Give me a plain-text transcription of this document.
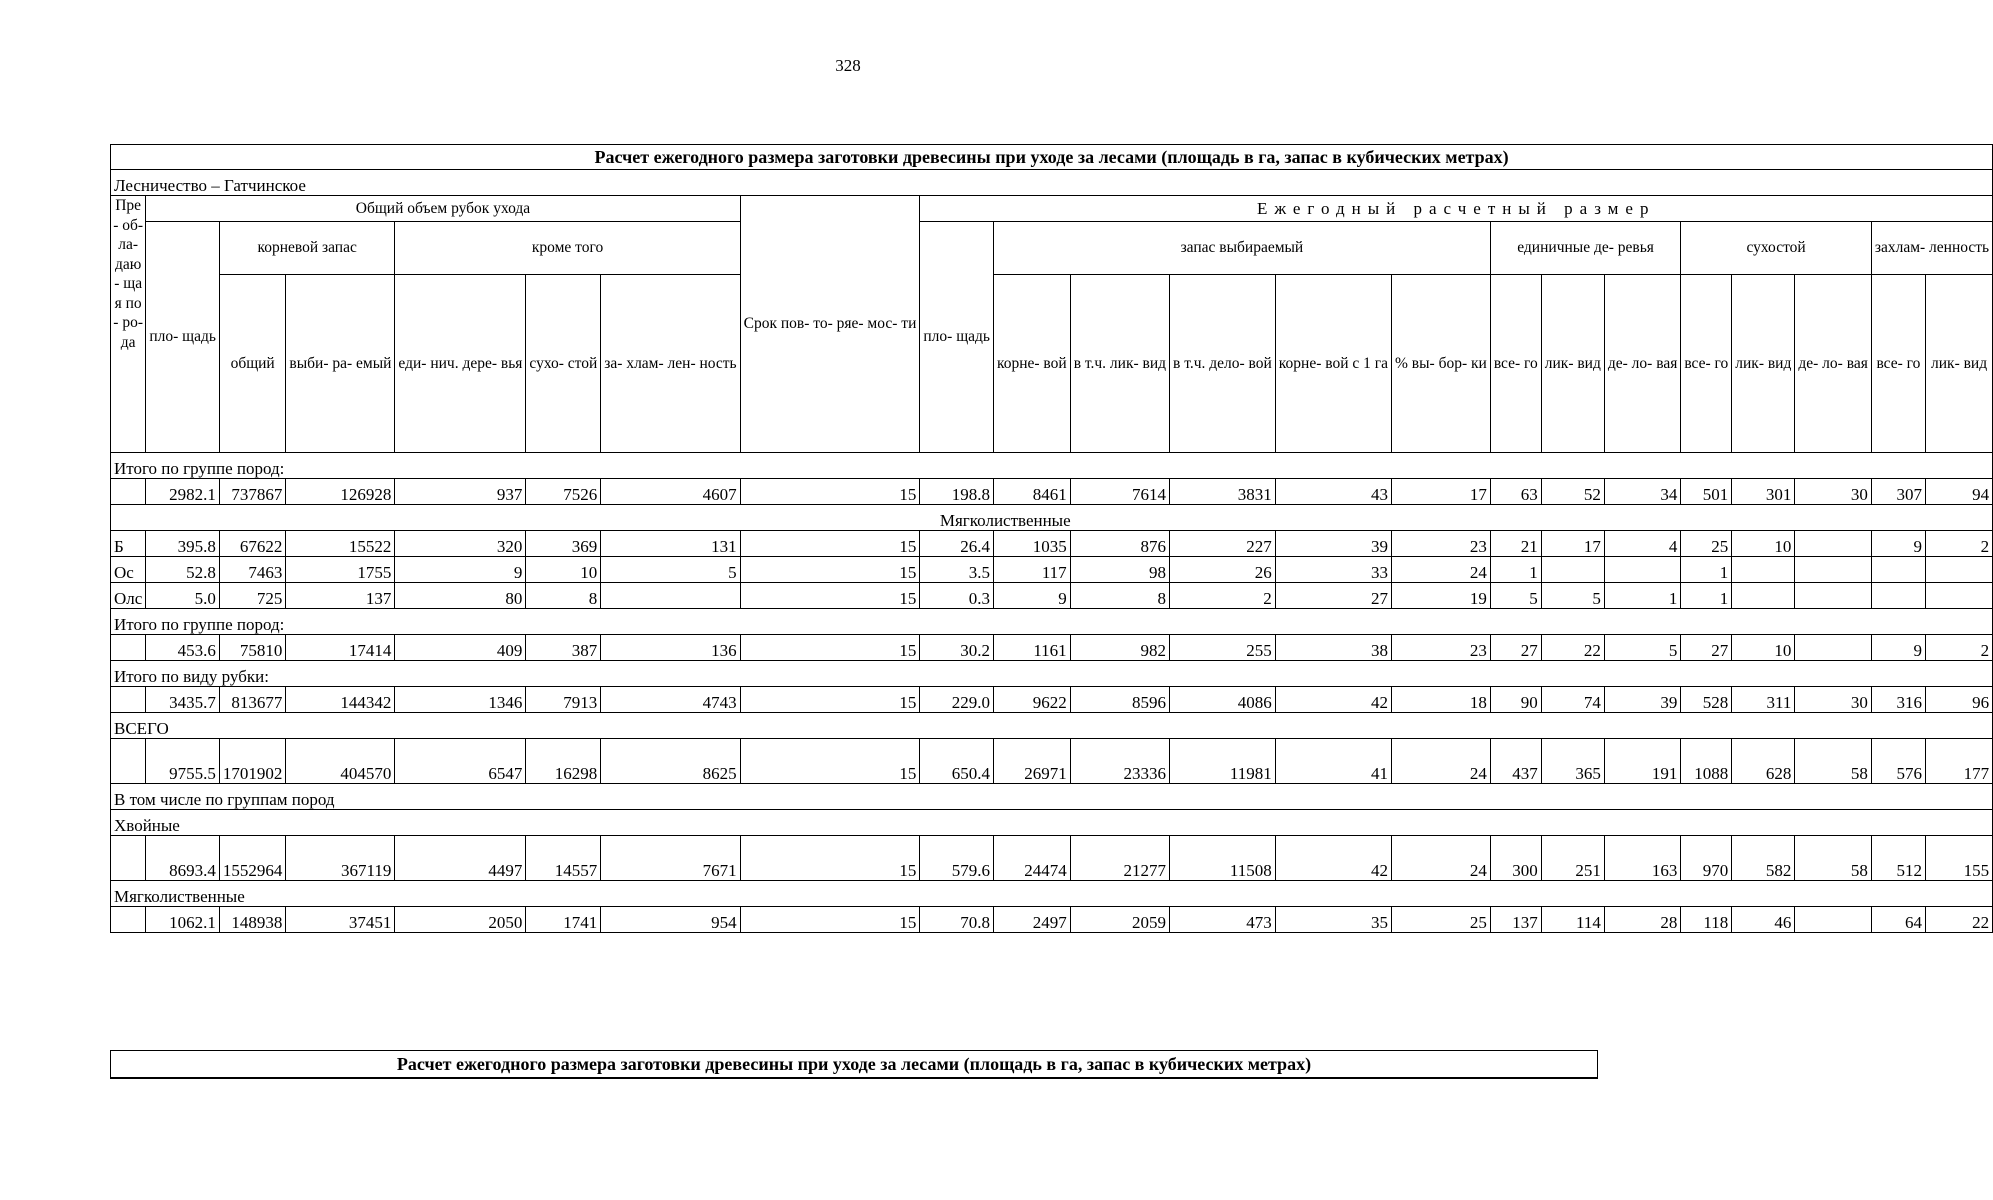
328
Расчет ежегодного размера заготовки древесины при уходе за лесами (площадь в га, запас в кубических метрах)																					
Лесничество – Гатчинское																					
Пре - об- ла- даю - щая по- ро- да	Общий объем рубок ухода						Срок пов- то- ряе- мос- ти	Ежегодный расчетный размер													
	пло- щадь	корневой запас		кроме того				пло- щадь	запас выбираемый					единичные де- ревья			сухостой			захлам- ленность	
		общий	выби- ра- емый	еди- нич. дере- вья	сухо- стой	за- хлам- лен- ность			корне- вой	в т.ч. лик- вид	в т.ч. дело- вой	корне- вой с 1 га	% вы- бор- ки	все- го	лик- вид	де- ло- вая	все- го	лик- вид	де- ло- вая	все- го	лик- вид

Итого по группе пород:																					
	2982.1	737867	126928	937	7526	4607	15	198.8	8461	7614	3831	43	17	63	52	34	501	301	30	307	94
								Мягколиственные													
Б	395.8	67622	15522	320	369	131	15	26.4	1035	876	227	39	23	21	17	4	25	10		9	2
Ос	52.8	7463	1755	9	10	5	15	3.5	117	98	26	33	24	1			1				
Олс	5.0	725	137	80	8		15	0.3	9	8	2	27	19	5	5	1	1				
Итого по группе пород:																					
	453.6	75810	17414	409	387	136	15	30.2	1161	982	255	38	23	27	22	5	27	10		9	2
Итого по виду рубки:																					
	3435.7	813677	144342	1346	7913	4743	15	229.0	9622	8596	4086	42	18	90	74	39	528	311	30	316	96
ВСЕГО																					
	9755.5	1701902	404570	6547	16298	8625	15	650.4	26971	23336	11981	41	24	437	365	191	1088	628	58	576	177
В том числе по группам пород																					
Хвойные																					
	8693.4	1552964	367119	4497	14557	7671	15	579.6	24474	21277	11508	42	24	300	251	163	970	582	58	512	155
Мягколиственные																					
	1062.1	148938	37451	2050	1741	954	15	70.8	2497	2059	473	35	25	137	114	28	118	46		64	22
Расчет ежегодного размера заготовки древесины при уходе за лесами (площадь в га, запас в кубических метрах)
